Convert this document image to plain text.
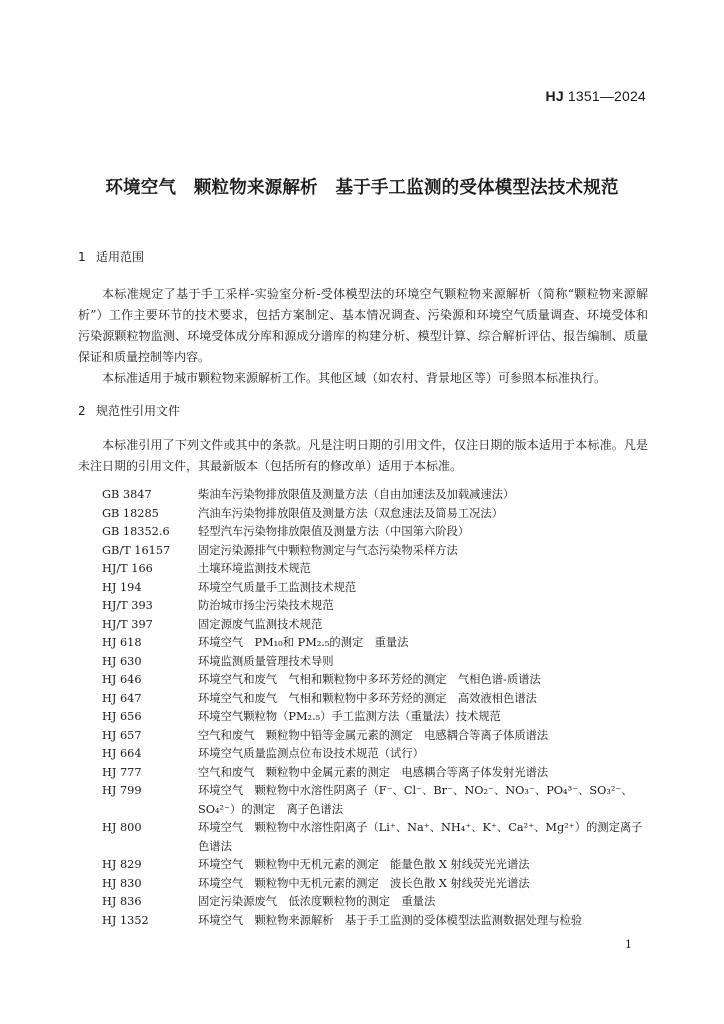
HJ 1351—2024
环境空气　颗粒物来源解析　基于手工监测的受体模型法技术规范
1 适用范围

本标准规定了基于手工采样-实验室分析-受体模型法的环境空气颗粒物来源解析（简称“颗粒物来源解析”）工作主要环节的技术要求，包括方案制定、基本情况调查、污染源和环境空气质量调查、环境受体和污染源颗粒物监测、环境受体成分库和源成分谱库的构建分析、模型计算、综合解析评估、报告编制、质量保证和质量控制等内容。

本标准适用于城市颗粒物来源解析工作。其他区域（如农村、背景地区等）可参照本标准执行。

2 规范性引用文件

本标准引用了下列文件或其中的条款。凡是注明日期的引用文件，仅注日期的版本适用于本标准。凡是未注日期的引用文件，其最新版本（包括所有的修改单）适用于本标准。

GB 3847	柴油车污染物排放限值及测量方法（自由加速法及加载减速法）
GB 18285	汽油车污染物排放限值及测量方法（双怠速法及简易工况法）
GB 18352.6	轻型汽车污染物排放限值及测量方法（中国第六阶段）
GB/T 16157	固定污染源排气中颗粒物测定与气态污染物采样方法
HJ/T 166	土壤环境监测技术规范
HJ 194	环境空气质量手工监测技术规范
HJ/T 393	防治城市扬尘污染技术规范
HJ/T 397	固定源废气监测技术规范
HJ 618	环境空气　PM₁₀和 PM₂.₅的测定　重量法
HJ 630	环境监测质量管理技术导则
HJ 646	环境空气和废气　气相和颗粒物中多环芳烃的测定　气相色谱-质谱法
HJ 647	环境空气和废气　气相和颗粒物中多环芳烃的测定　高效液相色谱法
HJ 656	环境空气颗粒物（PM₂.₅）手工监测方法（重量法）技术规范
HJ 657	空气和废气　颗粒物中铅等金属元素的测定　电感耦合等离子体质谱法
HJ 664	环境空气质量监测点位布设技术规范（试行）
HJ 777	空气和废气　颗粒物中金属元素的测定　电感耦合等离子体发射光谱法
HJ 799	环境空气　颗粒物中水溶性阴离子（F⁻、Cl⁻、Br⁻、NO₂⁻、NO₃⁻、PO₄³⁻、SO₃²⁻、SO₄²⁻）的测定　离子色谱法
HJ 800	环境空气　颗粒物中水溶性阳离子（Li⁺、Na⁺、NH₄⁺、K⁺、Ca²⁺、Mg²⁺）的测定离子色谱法
HJ 829	环境空气　颗粒物中无机元素的测定　能量色散 X 射线荧光光谱法
HJ 830	环境空气　颗粒物中无机元素的测定　波长色散 X 射线荧光光谱法
HJ 836	固定污染源废气　低浓度颗粒物的测定　重量法
HJ 1352	环境空气　颗粒物来源解析　基于手工监测的受体模型法监测数据处理与检验
1
